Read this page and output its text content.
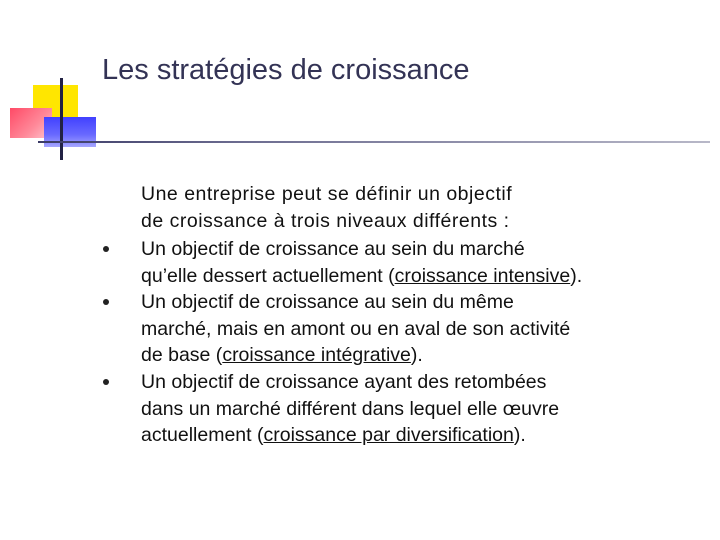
Les stratégies de croissance
Une entreprise peut se définir un objectif
de croissance à trois niveaux différents :
Un objectif de croissance au sein du marché
qu’elle dessert actuellement (croissance intensive).
Un objectif de croissance au sein du même
marché, mais en amont ou en aval de son activité
de base (croissance intégrative).
Un objectif de croissance ayant des retombées
dans un marché différent dans lequel elle œuvre
actuellement (croissance par diversification).
